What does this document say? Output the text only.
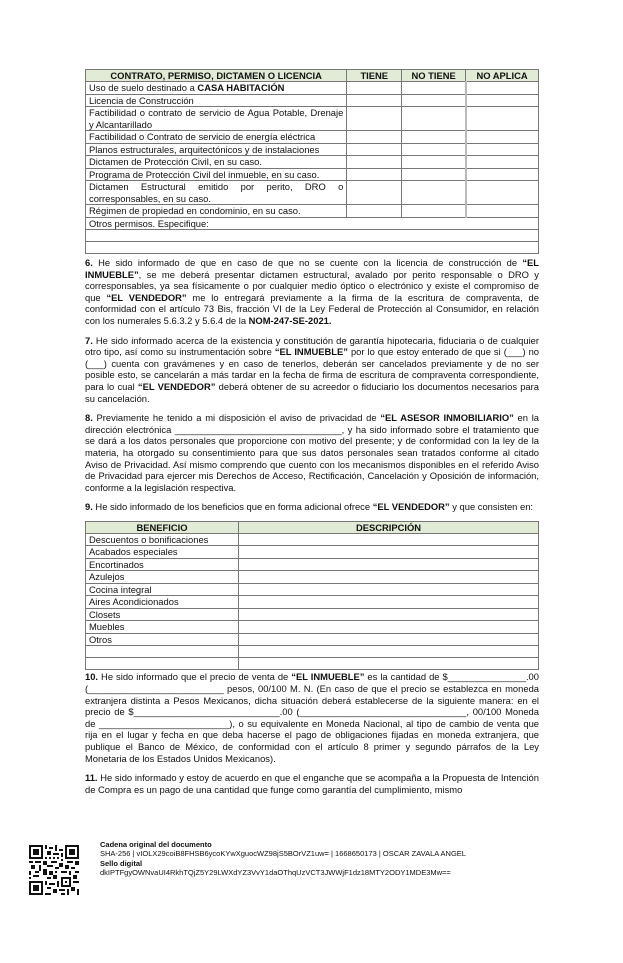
CONTRATO, PERMISO, DICTAMEN O LICENCIA	TIENE	NO TIENE	NO APLICA
Uso de suelo destinado a CASA HABITACIÓN			
Licencia de Construcción			
Factibilidad o contrato de servicio de Agua Potable, Drenaje y Alcantarillado			
Factibilidad o Contrato de servicio de energía eléctrica			
Planos estructurales, arquitectónicos y de instalaciones			
Dictamen de Protección Civil, en su caso.			
Programa de Protección Civil del inmueble, en su caso.			
Dictamen Estructural emitido por perito, DRO o corresponsables, en su caso.			
Régimen de propiedad en condominio, en su caso.			
Otros permisos. Especifique:			

6. He sido informado de que en caso de que no se cuente con la licencia de construcción de “EL INMUEBLE”, se me deberá presentar dictamen estructural, avalado por perito responsable o DRO y corresponsables, ya sea físicamente o por cualquier medio óptico o electrónico y existe el compromiso de que “EL VENDEDOR” me lo entregará previamente a la firma de la escritura de compraventa, de conformidad con el artículo 73 Bis, fracción VI de la Ley Federal de Protección al Consumidor, en relación con los numerales 5.6.3.2 y 5.6.4 de la NOM-247-SE-2021.

7. He sido informado acerca de la existencia y constitución de garantía hipotecaria, fiduciaria o de cualquier otro tipo, así como su instrumentación sobre “EL INMUEBLE” por lo que estoy enterado de que si (___) no (___) cuenta con gravámenes y en caso de tenerlos, deberán ser cancelados previamente y de no ser posible esto, se cancelarán a más tardar en la fecha de firma de escritura de compraventa correspondiente, para lo cual “EL VENDEDOR” deberá obtener de su acreedor o fiduciario los documentos necesarios para su cancelación.

8. Previamente he tenido a mi disposición el aviso de privacidad de “EL ASESOR INMOBILIARIO” en la dirección electrónica ________________________________, y ha sido informado sobre el tratamiento que se dará a los datos personales que proporcione con motivo del presente; y de conformidad con la ley de la materia, ha otorgado su consentimiento para que sus datos personales sean tratados conforme al citado Aviso de Privacidad. Así mismo comprendo que cuento con los mecanismos disponibles en el referido Aviso de Privacidad para ejercer mis Derechos de Acceso, Rectificación, Cancelación y Oposición de información, conforme a la legislación respectiva.

9. He sido informado de los beneficios que en forma adicional ofrece “EL VENDEDOR” y que consisten en:

BENEFICIO	DESCRIPCIÓN
Descuentos o bonificaciones	
Acabados especiales	
Encortinados	
Azulejos	
Cocina integral	
Aires Acondicionados	
Closets	
Muebles	
Otros	

10. He sido informado que el precio de venta de “EL INMUEBLE” es la cantidad de $_______________.00 (__________________________ pesos, 00/100 M. N. (En caso de que el precio se establezca en moneda extranjera distinta a Pesos Mexicanos, dicha situación deberá establecerse de la siguiente manera: en el precio de $____________________________.00 (________________________________, 00/100 Moneda de _________________________), o su equivalente en Moneda Nacional, al tipo de cambio de venta que rija en el lugar y fecha en que deba hacerse el pago de obligaciones fijadas en moneda extranjera, que publique el Banco de México, de conformidad con el artículo 8 primer y segundo párrafos de la Ley Monetaria de los Estados Unidos Mexicanos).

11. He sido informado y estoy de acuerdo en que el enganche que se acompaña a la Propuesta de Intención de Compra es un pago de una cantidad que funge como garantía del cumplimiento, mismo

Cadena original del documento
SHA-256 | vIOLX29coiB8FHSB6ycoKYwXguocWZ98jS5BOrVZ1uw= | 1668650173 | OSCAR ZAVALA ANGEL
Sello digital
dkIPTFgyOWNvaUI4RkhTQjZ5Y29LWXdYZ3VvY1daOThqUzVCT3JWWjF1dz18MTY2ODY1MDE3Mw==
